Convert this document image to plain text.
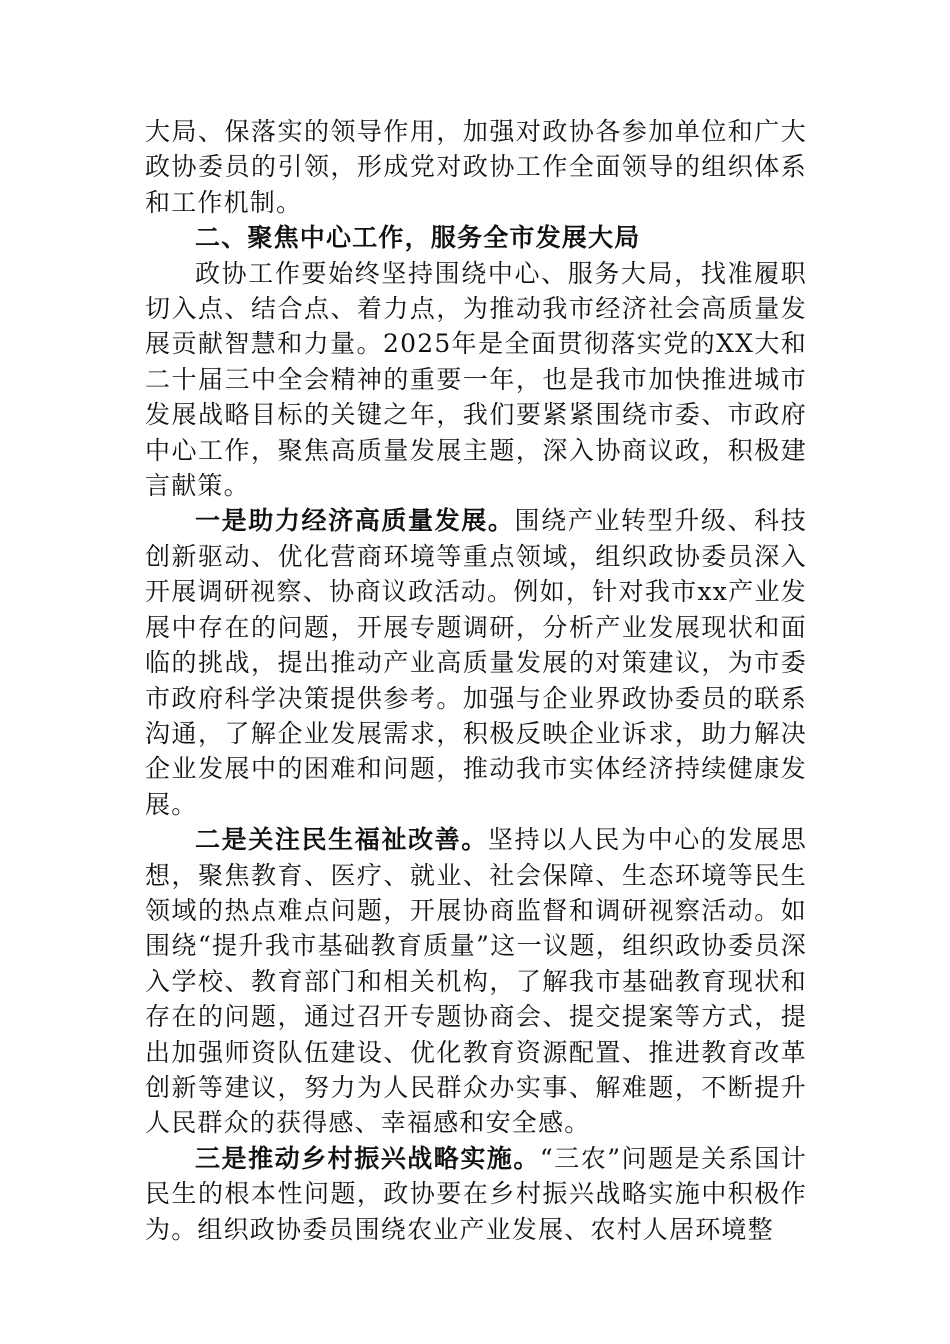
大局、保落实的领导作用，加强对政协各参加单位和广大政协委员的引领，形成党对政协工作全面领导的组织体系和工作机制。

二、聚焦中心工作，服务全市发展大局

政协工作要始终坚持围绕中心、服务大局，找准履职切入点、结合点、着力点，为推动我市经济社会高质量发展贡献智慧和力量。2025年是全面贯彻落实党的XX大和二十届三中全会精神的重要一年，也是我市加快推进城市发展战略目标的关键之年，我们要紧紧围绕市委、市政府中心工作，聚焦高质量发展主题，深入协商议政，积极建言献策。

一是助力经济高质量发展。围绕产业转型升级、科技创新驱动、优化营商环境等重点领域，组织政协委员深入开展调研视察、协商议政活动。例如，针对我市xx产业发展中存在的问题，开展专题调研，分析产业发展现状和面临的挑战，提出推动产业高质量发展的对策建议，为市委市政府科学决策提供参考。加强与企业界政协委员的联系沟通，了解企业发展需求，积极反映企业诉求，助力解决企业发展中的困难和问题，推动我市实体经济持续健康发展。

二是关注民生福祉改善。坚持以人民为中心的发展思想，聚焦教育、医疗、就业、社会保障、生态环境等民生领域的热点难点问题，开展协商监督和调研视察活动。如围绕“提升我市基础教育质量”这一议题，组织政协委员深入学校、教育部门和相关机构，了解我市基础教育现状和存在的问题，通过召开专题协商会、提交提案等方式，提出加强师资队伍建设、优化教育资源配置、推进教育改革创新等建议，努力为人民群众办实事、解难题，不断提升人民群众的获得感、幸福感和安全感。

三是推动乡村振兴战略实施。“三农”问题是关系国计民生的根本性问题，政协要在乡村振兴战略实施中积极作为。组织政协委员围绕农业产业发展、农村人居环境整
